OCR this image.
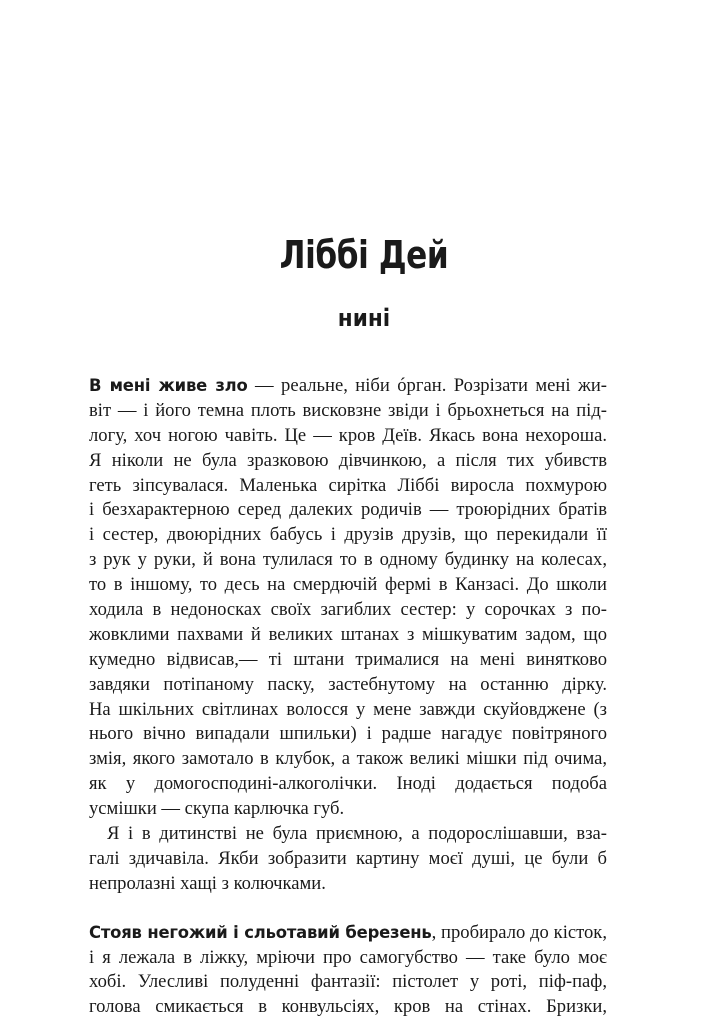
Ліббі Дей
нині
В мені живе зло — реальне, ніби óрган. Розрізати мені жи-
віт — і його темна плоть висковзне звіди і брьохнеться на під-
логу, хоч ногою чавіть. Це — кров Деїв. Якась вона нехороша.
Я ніколи не була зразковою дівчинкою, а після тих убивств
геть зіпсувалася. Маленька сирітка Ліббі виросла похмурою
і безхарактерною серед далеких родичів — троюрідних братів
і сестер, двоюрідних бабусь і друзів друзів, що перекидали її
з рук у руки, й вона тулилася то в одному будинку на колесах,
то в іншому, то десь на смердючій фермі в Канзасі. До школи
ходила в недоносках своїх загиблих сестер: у сорочках з по-
жовклими пахвами й великих штанах з мішкуватим задом, що
кумедно відвисав,— ті штани трималися на мені винятково
завдяки потіпаному паску, застебнутому на останню дірку.
На шкільних світлинах волосся у мене завжди скуйовджене (з
нього вічно випадали шпильки) і радше нагадує повітряного
змія, якого замотало в клубок, а також великі мішки під очима,
як у домогосподині-алкоголічки. Іноді додається подоба
усмішки — скупа карлючка губ.
Я і в дитинстві не була приємною, а подорослішавши, вза-
галі здичавіла. Якби зобразити картину моєї душі, це були б
непролазні хащі з колючками.
Стояв негожий і сльотавий березень, пробирало до кісток,
і я лежала в ліжку, мріючи про самогубство — таке було моє
хобі. Улесливі полуденні фантазії: пістолет у роті, піф-паф,
голова смикається в конвульсіях, кров на стінах. Бризки,
